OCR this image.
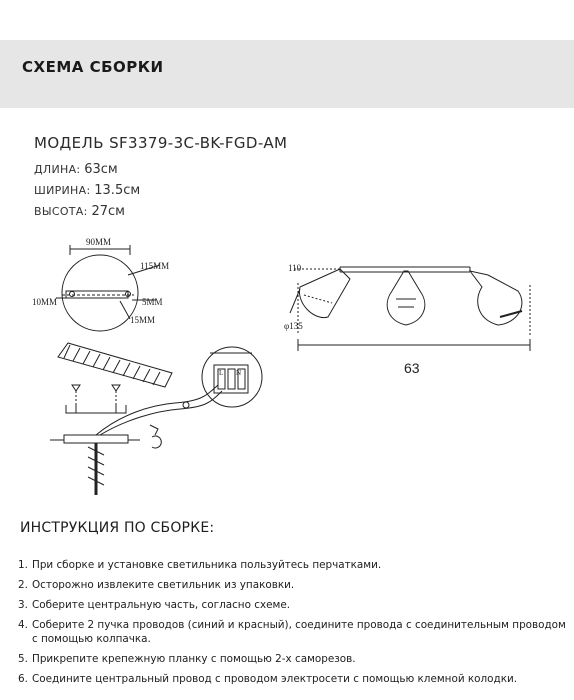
СХЕМА СБОРКИ
МОДЕЛЬ SF3379-3C-BK-FGD-AM
ДЛИНА: 63см
ШИРИНА: 13.5см
ВЫСОТА: 27см
90MM
115MM
10MM	5MM
15MM
110
φ135
L N	63
ИНСТРУКЦИЯ ПО СБОРКЕ:
1. При сборке и установке светильника пользуйтесь перчатками.
2. Осторожно извлеките светильник из упаковки.
3. Соберите центральную часть, согласно схеме.
4. Соберите 2 пучка проводов (синий и красный), соедините провода с соединительным проводом с помощью колпачка.
5. Прикрепите крепежную планку с помощью 2-х саморезов.
6. Соедините центральный провод с проводом электросети с помощью клемной колодки.
